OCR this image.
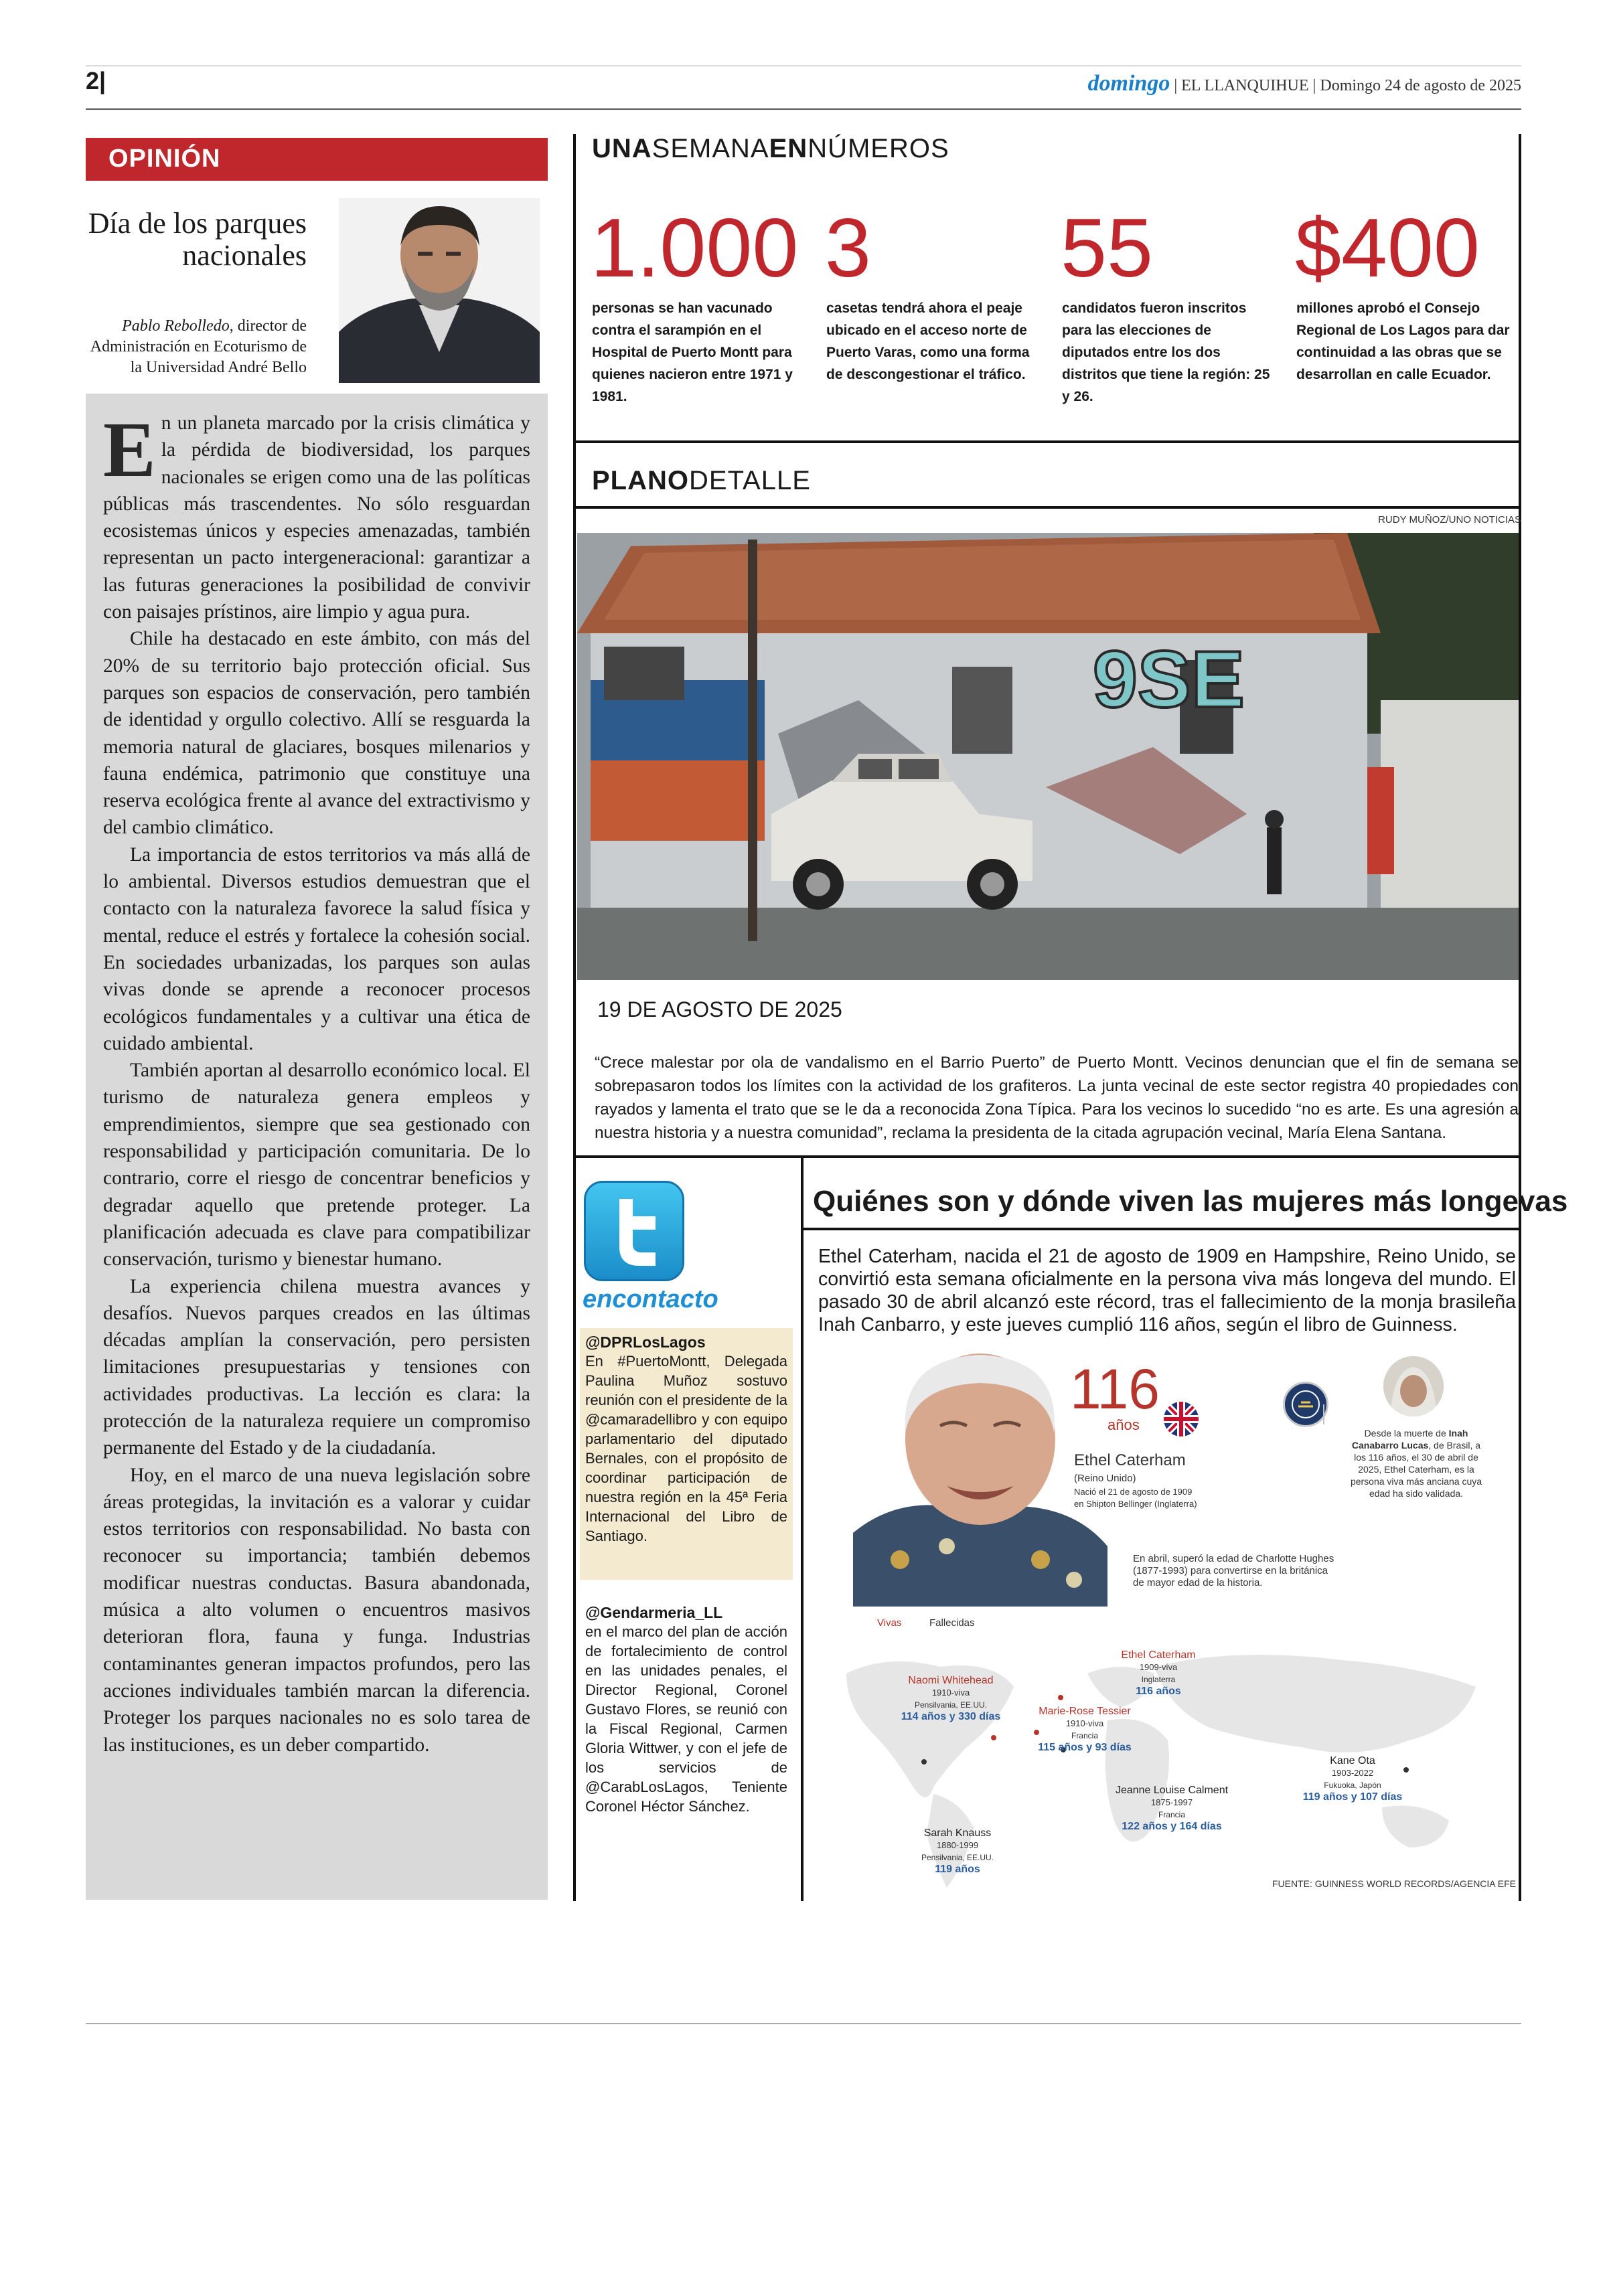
2|	domingo | EL LLANQUIHUE | Domingo 24 de agosto de 2025
OPINIÓN
Día de los parques nacionales
Pablo Rebolledo, director de Administración en Ecoturismo de la Universidad André Bello

En un planeta marcado por la crisis climática y la pérdida de biodiversidad, los parques nacionales se erigen como una de las políticas públicas más trascendentes. No sólo resguardan ecosistemas únicos y especies amenazadas, también representan un pacto intergeneracional: garantizar a las futuras generaciones la posibilidad de convivir con paisajes prístinos, aire limpio y agua pura.

Chile ha destacado en este ámbito, con más del 20% de su territorio bajo protección oficial. Sus parques son espacios de conservación, pero también de identidad y orgullo colectivo. Allí se resguarda la memoria natural de glaciares, bosques milenarios y fauna endémica, patrimonio que constituye una reserva ecológica frente al avance del extractivismo y del cambio climático.

La importancia de estos territorios va más allá de lo ambiental. Diversos estudios demuestran que el contacto con la naturaleza favorece la salud física y mental, reduce el estrés y fortalece la cohesión social. En sociedades urbanizadas, los parques son aulas vivas donde se aprende a reconocer procesos ecológicos fundamentales y a cultivar una ética de cuidado ambiental.

También aportan al desarrollo económico local. El turismo de naturaleza genera empleos y emprendimientos, siempre que sea gestionado con responsabilidad y participación comunitaria. De lo contrario, corre el riesgo de concentrar beneficios y degradar aquello que pretende proteger. La planificación adecuada es clave para compatibilizar conservación, turismo y bienestar humano.

La experiencia chilena muestra avances y desafíos. Nuevos parques creados en las últimas décadas amplían la conservación, pero persisten limitaciones presupuestarias y tensiones con actividades productivas. La lección es clara: la protección de la naturaleza requiere un compromiso permanente del Estado y de la ciudadanía.

Hoy, en el marco de una nueva legislación sobre áreas protegidas, la invitación es a valorar y cuidar estos territorios con responsabilidad. No basta con reconocer su importancia; también debemos modificar nuestras conductas. Basura abandonada, música a alto volumen o encuentros masivos deterioran flora, fauna y funga. Industrias contaminantes generan impactos profundos, pero las acciones individuales también marcan la diferencia. Proteger los parques nacionales no es solo tarea de las instituciones, es un deber compartido.

UNASEMANAENNÚMEROS
1.000 3 55 $400
personas se han vacunado contra el sarampión en el Hospital de Puerto Montt para quienes nacieron entre 1971 y 1981.
casetas tendrá ahora el peaje ubicado en el acceso norte de Puerto Varas, como una forma de descongestionar el tráfico.
candidatos fueron inscritos para las elecciones de diputados entre los dos distritos que tiene la región: 25 y 26.
millones aprobó el Consejo Regional de Los Lagos para dar continuidad a las obras que se desarrollan en calle Ecuador.
PLANODETALLE
RUDY MUÑOZ/UNO NOTICIAS
9SE
19 DE AGOSTO DE 2025
“Crece malestar por ola de vandalismo en el Barrio Puerto” de Puerto Montt. Vecinos denuncian que el fin de semana se sobrepasaron todos los límites con la actividad de los grafiteros. La junta vecinal de este sector registra 40 propiedades con rayados y lamenta el trato que se le da a reconocida Zona Típica. Para los vecinos lo sucedido “no es arte. Es una agresión a nuestra historia y a nuestra comunidad”, reclama la presidenta de la citada agrupación vecinal, María Elena Santana.
encontacto
@DPRLosLagos
En #PuertoMontt, Delegada Paulina Muñoz sostuvo reunión con el presidente de la @camaradellibro y con equipo parlamentario del diputado Bernales, con el propósito de coordinar participación de nuestra región en la 45ª Feria Internacional del Libro de Santiago.
@Gendarmeria_LL
en el marco del plan de acción de fortalecimiento de control en las unidades penales, el Director Regional, Coronel Gustavo Flores, se reunió con la Fiscal Regional, Carmen Gloria Wittwer, y con el jefe de los servicios de @CarabLosLagos, Teniente Coronel Héctor Sánchez.
Quiénes son y dónde viven las mujeres más longevas
Ethel Caterham, nacida el 21 de agosto de 1909 en Hampshire, Reino Unido, se convirtió esta semana oficialmente en la persona viva más longeva del mundo. El pasado 30 de abril alcanzó este récord, tras el fallecimiento de la monja brasileña Inah Canbarro, y este jueves cumplió 116 años, según el libro de Guinness.
116
años
Ethel Caterham
(Reino Unido)
Nació el 21 de agosto de 1909
en Shipton Bellinger (Inglaterra)
Desde la muerte de Inah Canabarro Lucas, de Brasil, a los 116 años, el 30 de abril de 2025, Ethel Caterham, es la persona viva más anciana cuya edad ha sido validada.
En abril, superó la edad de Charlotte Hughes (1877-1993) para convertirse en la británica de mayor edad de la historia.
Vivas	Fallecidas
Naomi Whitehead
1910-viva
Pensilvania, EE.UU.
114 años y 330 días
Ethel Caterham
1909-viva
Inglaterra
116 años
Marie-Rose Tessier
1910-viva
Francia
115 años y 93 días
Jeanne Louise Calment
1875-1997
Francia
122 años y 164 días
Kane Ota
1903-2022
Fukuoka, Japón
119 años y 107 días
Sarah Knauss
1880-1999
Pensilvania, EE.UU.
119 años
FUENTE: GUINNESS WORLD RECORDS/AGENCIA EFE
